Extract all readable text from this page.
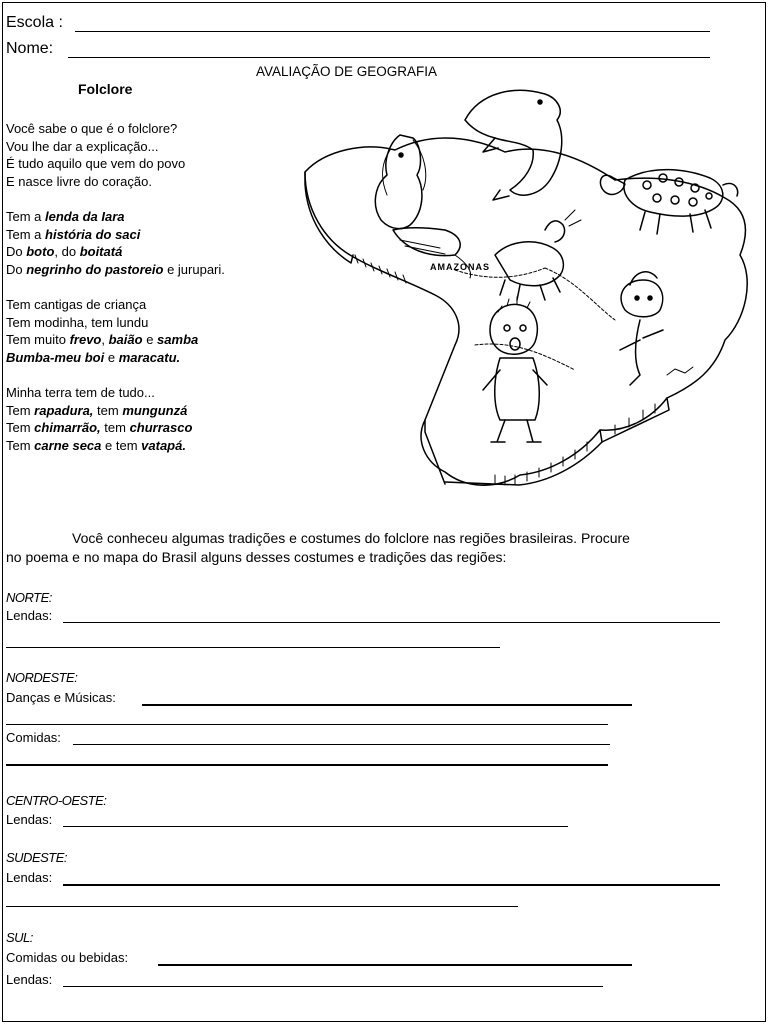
Escola :
Nome:
AVALIAÇÃO DE GEOGRAFIA
Folclore
Você sabe o que é o folclore?
Vou lhe dar a explicação...
É tudo aquilo que vem do povo
E nasce livre do coração.
Tem a lenda da Iara
Tem a história do saci
Do boto, do boitatá
Do negrinho do pastoreio e jurupari.
Tem cantigas de criança
Tem modinha, tem lundu
Tem muito frevo, baião e samba
Bumba-meu boi e maracatu.
Minha terra tem de tudo...
Tem rapadura, tem mungunzá
Tem chimarrão, tem churrasco
Tem carne seca e tem vatapá.
AMAZONAS
Você conheceu algumas tradições e costumes do folclore nas regiões brasileiras. Procure
no poema e no mapa do Brasil alguns desses costumes e tradições das regiões:
NORTE:
Lendas:
NORDESTE:
Danças e Músicas:
Comidas:
CENTRO-OESTE:
Lendas:
SUDESTE:
Lendas:
SUL:
Comidas ou bebidas:
Lendas:
